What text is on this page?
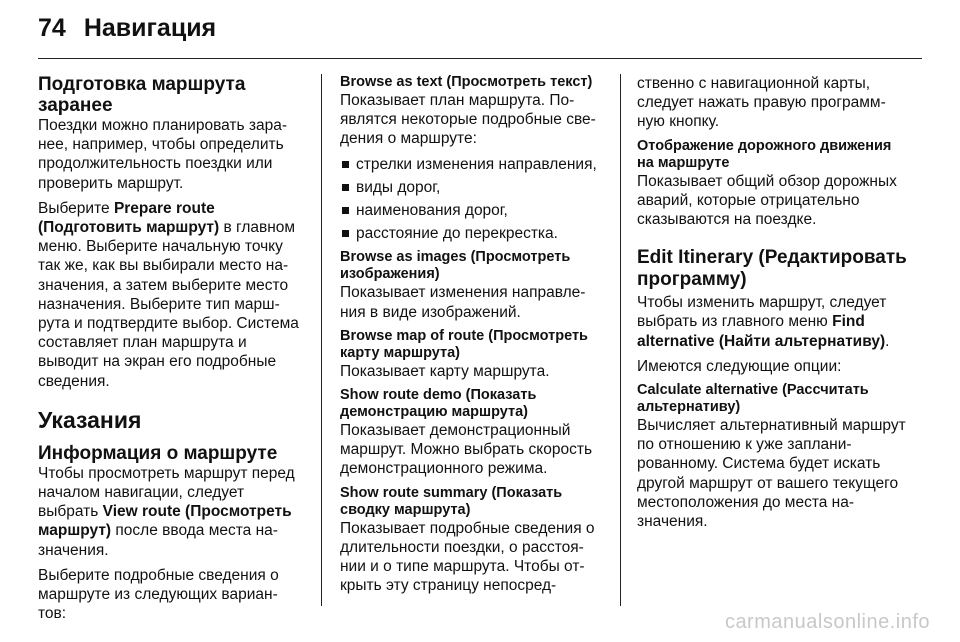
74 Навигация
Подготовка маршрута заранее

Поездки можно планировать заранее, например, чтобы определить продолжительность поездки или проверить маршрут.

Выберите Prepare route (Подготовить маршрут) в главном меню. Выберите начальную точку так же, как вы выбирали место назначения, а затем выберите место назначения. Выберите тип маршрута и подтвердите выбор. Система составляет план маршрута и выводит на экран его подробные сведения.

Указания
Информация о маршруте

Чтобы просмотреть маршрут перед началом навигации, следует выбрать View route (Просмотреть маршрут) после ввода места назначения.

Выберите подробные сведения о маршруте из следующих вариантов:

Browse as text (Просмотреть текст)
Показывает план маршрута. Появлятся некоторые подробные сведения о маршруте:
стрелки изменения направления,
виды дорог,
наименования дорог,
расстояние до перекрестка.
Browse as images (Просмотреть изображения)
Показывает изменения направления в виде изображений.
Browse map of route (Просмотреть карту маршрута)
Показывает карту маршрута.
Show route demo (Показать демонстрацию маршрута)
Показывает демонстрационный маршрут. Можно выбрать скорость демонстрационного режима.
Show route summary (Показать сводку маршрута)
Показывает подробные сведения о длительности поездки, о расстоянии и о типе маршрута. Чтобы открыть эту страницу непосред-

ственно с навигационной карты, следует нажать правую программную кнопку.

Отображение дорожного движения на маршруте
Показывает общий обзор дорожных аварий, которые отрицательно сказываются на поездке.
Edit Itinerary (Редактировать программу)

Чтобы изменить маршрут, следует выбрать из главного меню Find alternative (Найти альтернативу).

Имеются следующие опции:

Calculate alternative (Рассчитать альтернативу)
Вычисляет альтернативный маршрут по отношению к уже запланированному. Система будет искать другой маршрут от вашего текущего местоположения до места назначения.
carmanualsonline.info
